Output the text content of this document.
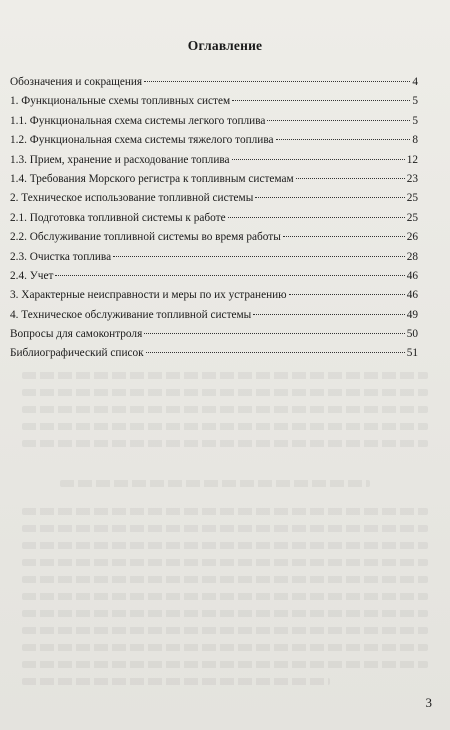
Оглавление
Обозначения и сокращения	4
1. Функциональные схемы топливных систем	5
1.1. Функциональная схема системы легкого топлива	5
1.2. Функциональная схема системы тяжелого топлива	8
1.3. Прием, хранение и расходование топлива	12
1.4. Требования Морского регистра к топливным системам	23
2. Техническое использование топливной системы	25
2.1. Подготовка топливной системы к работе	25
2.2. Обслуживание топливной системы во время работы	26
2.3. Очистка топлива	28
2.4. Учет	46
3. Характерные неисправности и меры по их устранению	46
4. Техническое обслуживание топливной системы	49
Вопросы для самоконтроля	50
Библиографический список	51
3
